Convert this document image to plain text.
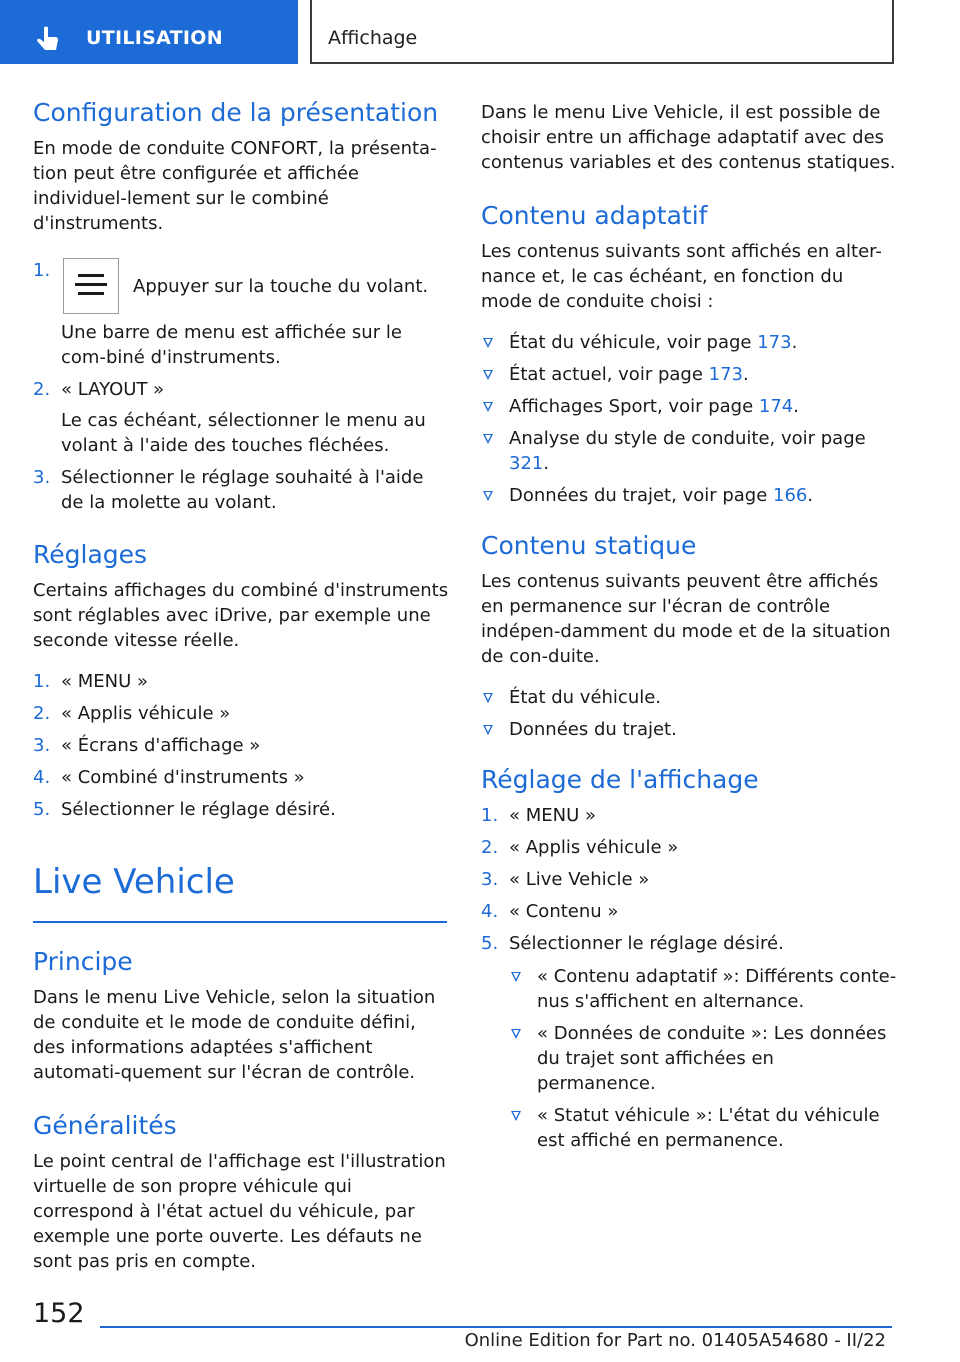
UTILISATION	Affichage
Configuration de la présentation

En mode de conduite CONFORT, la présenta-tion peut être configurée et affichée individuel-lement sur le combiné d'instruments.

1.
Appuyer sur la touche du volant.
Une barre de menu est affichée sur le com-biné d'instruments.
2. « LAYOUT »
Le cas échéant, sélectionner le menu au volant à l'aide des touches fléchées.
3. Sélectionner le réglage souhaité à l'aide de la molette au volant.
Réglages

Certains affichages du combiné d'instruments sont réglables avec iDrive, par exemple une seconde vitesse réelle.

1. « MENU »
2. « Applis véhicule »
3. « Écrans d'affichage »
4. « Combiné d'instruments »
5. Sélectionner le réglage désiré.
Live Vehicle
Principe

Dans le menu Live Vehicle, selon la situation de conduite et le mode de conduite défini, des informations adaptées s'affichent automati-quement sur l'écran de contrôle.

Généralités

Le point central de l'affichage est l'illustration virtuelle de son propre véhicule qui correspond à l'état actuel du véhicule, par exemple une porte ouverte. Les défauts ne sont pas pris en compte.

Dans le menu Live Vehicle, il est possible de choisir entre un affichage adaptatif avec des contenus variables et des contenus statiques.

Contenu adaptatif

Les contenus suivants sont affichés en alter-nance et, le cas échéant, en fonction du mode de conduite choisi :

État du véhicule, voir page 173.
État actuel, voir page 173.
Affichages Sport, voir page 174.
Analyse du style de conduite, voir page 321.
Données du trajet, voir page 166.
Contenu statique

Les contenus suivants peuvent être affichés en permanence sur l'écran de contrôle indépen-damment du mode et de la situation de con-duite.

État du véhicule.
Données du trajet.
Réglage de l'affichage
1. « MENU »
2. « Applis véhicule »
3. « Live Vehicle »
4. « Contenu »
5. Sélectionner le réglage désiré.
« Contenu adaptatif »: Différents conte-nus s'affichent en alternance.
« Données de conduite »: Les données du trajet sont affichées en permanence.
« Statut véhicule »: L'état du véhicule est affiché en permanence.
152
Online Edition for Part no. 01405A54680 - II/22
